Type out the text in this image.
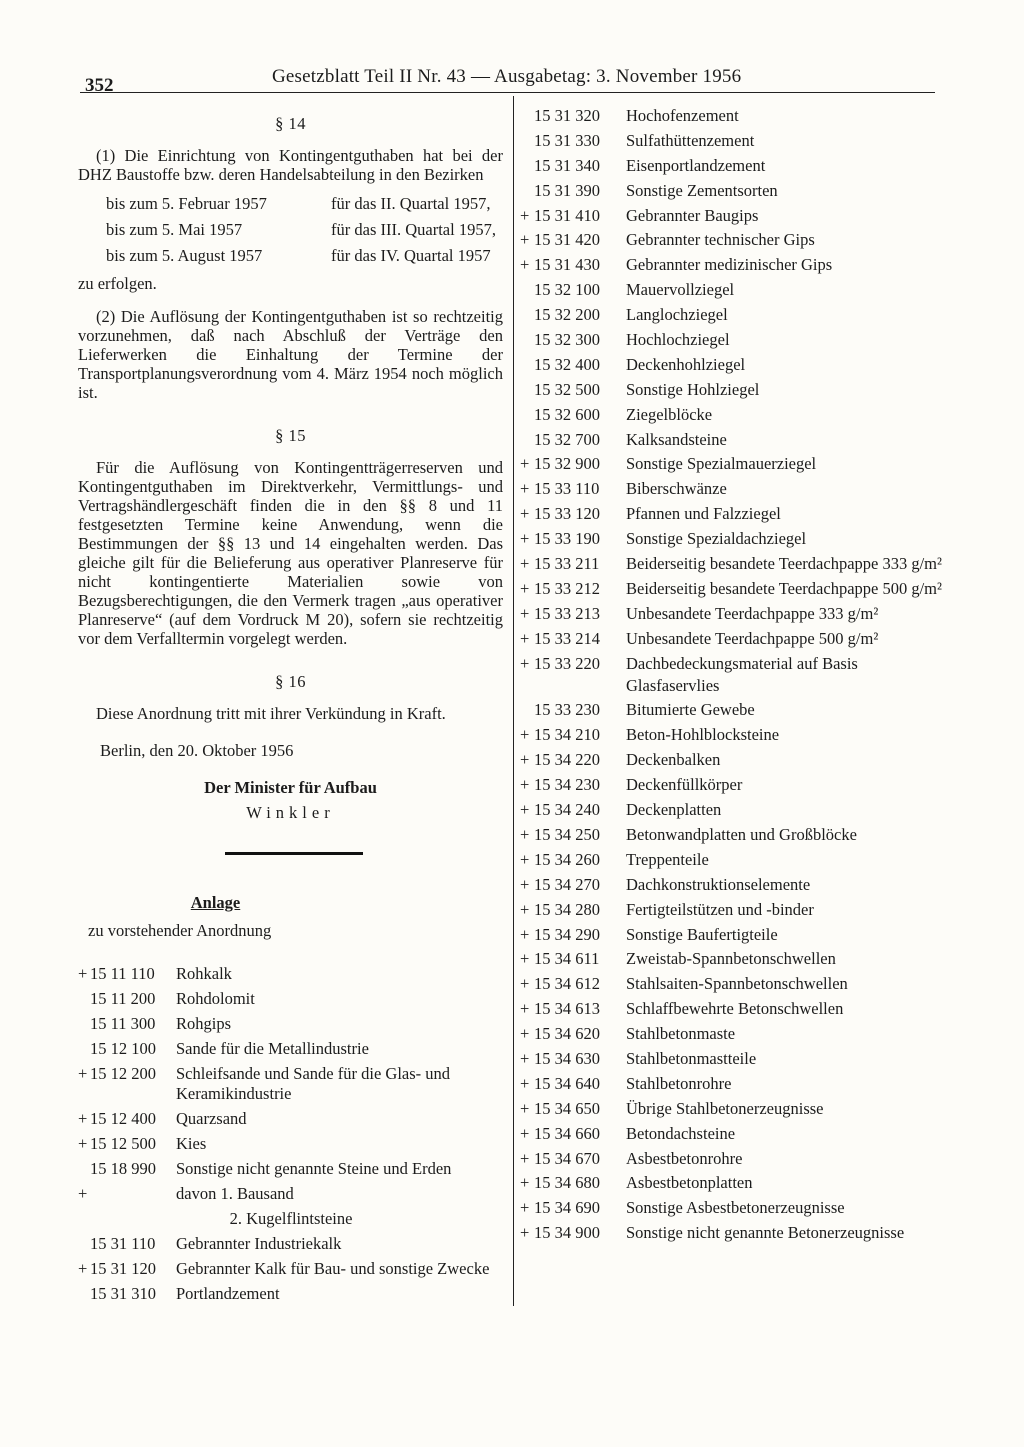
352	Gesetzblatt Teil II Nr. 43 — Ausgabetag: 3. November 1956
§ 14

(1) Die Einrichtung von Kontingentguthaben hat bei der DHZ Baustoffe bzw. deren Handelsabteilung in den Bezirken

bis zum 5. Februar 1957	für das II. Quartal 1957,
bis zum 5. Mai 1957	für das III. Quartal 1957,
bis zum 5. August 1957	für das IV. Quartal 1957

zu erfolgen.

(2) Die Auflösung der Kontingentguthaben ist so rechtzeitig vorzunehmen, daß nach Abschluß der Verträge den Lieferwerken die Einhaltung der Termine der Transportplanungsverordnung vom 4. März 1954 noch möglich ist.

§ 15

Für die Auflösung von Kontingentträgerreserven und Kontingentguthaben im Direktverkehr, Vermittlungs- und Vertragshändlergeschäft finden die in den §§ 8 und 11 festgesetzten Termine keine Anwendung, wenn die Bestimmungen der §§ 13 und 14 eingehalten werden. Das gleiche gilt für die Belieferung aus operativer Planreserve für nicht kontingentierte Materialien sowie von Bezugsberechtigungen, die den Vermerk tragen „aus operativer Planreserve“ (auf dem Vordruck M 20), sofern sie rechtzeitig vor dem Verfalltermin vorgelegt werden.

§ 16

Diese Anordnung tritt mit ihrer Verkündung in Kraft.

Berlin, den 20. Oktober 1956
Der Minister für Aufbau
Winkler
Anlage
zu vorstehender Anordnung
+ 15 11 110	Rohkalk
15 11 200	Rohdolomit
15 11 300	Rohgips
15 12 100	Sande für die Metallindustrie
+ 15 12 200	Schleifsande und Sande für die Glas- und Keramikindustrie
+ 15 12 400	Quarzsand
+ 15 12 500	Kies
15 18 990	Sonstige nicht genannte Steine und Erden
+	davon 1. Bausand
2. Kugelflintsteine
15 31 110	Gebrannter Industriekalk
+ 15 31 120	Gebrannter Kalk für Bau- und sonstige Zwecke
15 31 310	Portlandzement
15 31 320	Hochofenzement
15 31 330	Sulfathüttenzement
15 31 340	Eisenportlandzement
15 31 390	Sonstige Zementsorten
+ 15 31 410	Gebrannter Baugips
+ 15 31 420	Gebrannter technischer Gips
+ 15 31 430	Gebrannter medizinischer Gips
15 32 100	Mauervollziegel
15 32 200	Langlochziegel
15 32 300	Hochlochziegel
15 32 400	Deckenhohlziegel
15 32 500	Sonstige Hohlziegel
15 32 600	Ziegelblöcke
15 32 700	Kalksandsteine
+ 15 32 900	Sonstige Spezialmauerziegel
+ 15 33 110	Biberschwänze
+ 15 33 120	Pfannen und Falzziegel
+ 15 33 190	Sonstige Spezialdachziegel
+ 15 33 211	Beiderseitig besandete Teerdachpappe 333 g/m²
+ 15 33 212	Beiderseitig besandete Teerdachpappe 500 g/m²
+ 15 33 213	Unbesandete Teerdachpappe 333 g/m²
+ 15 33 214	Unbesandete Teerdachpappe 500 g/m²
+ 15 33 220	Dachbedeckungsmaterial auf Basis Glasfaservlies
15 33 230	Bitumierte Gewebe
+ 15 34 210	Beton-Hohlblocksteine
+ 15 34 220	Deckenbalken
+ 15 34 230	Deckenfüllkörper
+ 15 34 240	Deckenplatten
+ 15 34 250	Betonwandplatten und Großblöcke
+ 15 34 260	Treppenteile
+ 15 34 270	Dachkonstruktionselemente
+ 15 34 280	Fertigteilstützen und -binder
+ 15 34 290	Sonstige Baufertigteile
+ 15 34 611	Zweistab-Spannbetonschwellen
+ 15 34 612	Stahlsaiten-Spannbetonschwellen
+ 15 34 613	Schlaffbewehrte Betonschwellen
+ 15 34 620	Stahlbetonmaste
+ 15 34 630	Stahlbetonmastteile
+ 15 34 640	Stahlbetonrohre
+ 15 34 650	Übrige Stahlbetonerzeugnisse
+ 15 34 660	Betondachsteine
+ 15 34 670	Asbestbetonrohre
+ 15 34 680	Asbestbetonplatten
+ 15 34 690	Sonstige Asbestbetonerzeugnisse
+ 15 34 900	Sonstige nicht genannte Betonerzeugnisse
